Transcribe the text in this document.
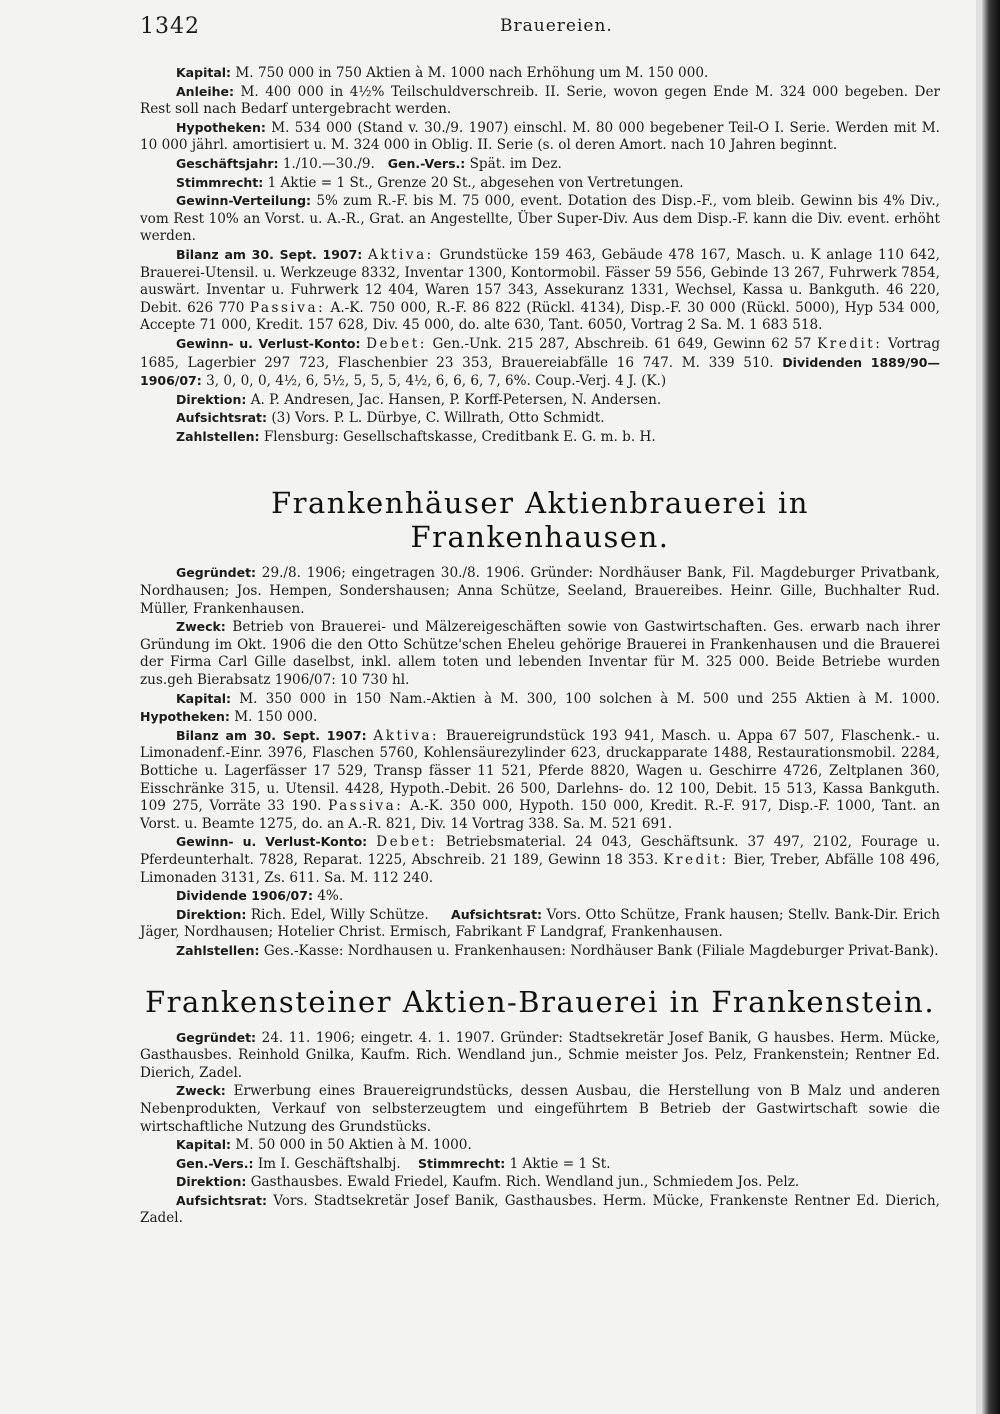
1342	Brauereien.

Kapital: M. 750 000 in 750 Aktien à M. 1000 nach Erhöhung um M. 150 000.

Anleihe: M. 400 000 in 4½% Teilschuldverschreib. II. Serie, wovon gegen Ende M. 324 000 begeben. Der Rest soll nach Bedarf untergebracht werden.

Hypotheken: M. 534 000 (Stand v. 30./9. 1907) einschl. M. 80 000 begebener Teil-O I. Serie. Werden mit M. 10 000 jährl. amortisiert u. M. 324 000 in Oblig. II. Serie (s. ol deren Amort. nach 10 Jahren beginnt.

Geschäftsjahr: 1./10.—30./9. Gen.-Vers.: Spät. im Dez.

Stimmrecht: 1 Aktie = 1 St., Grenze 20 St., abgesehen von Vertretungen.

Gewinn-Verteilung: 5% zum R.-F. bis M. 75 000, event. Dotation des Disp.-F., vom bleib. Gewinn bis 4% Div., vom Rest 10% an Vorst. u. A.-R., Grat. an Angestellte, Über Super-Div. Aus dem Disp.-F. kann die Div. event. erhöht werden.

Bilanz am 30. Sept. 1907: Aktiva: Grundstücke 159 463, Gebäude 478 167, Masch. u. K anlage 110 642, Brauerei-Utensil. u. Werkzeuge 8332, Inventar 1300, Kontormobil. Fässer 59 556, Gebinde 13 267, Fuhrwerk 7854, auswärt. Inventar u. Fuhrwerk 12 404, Waren 157 343, Assekuranz 1331, Wechsel, Kassa u. Bankguth. 46 220, Debit. 626 770 Passiva: A.-K. 750 000, R.-F. 86 822 (Rückl. 4134), Disp.-F. 30 000 (Rückl. 5000), Hyp 534 000, Accepte 71 000, Kredit. 157 628, Div. 45 000, do. alte 630, Tant. 6050, Vortrag 2 Sa. M. 1 683 518.

Gewinn- u. Verlust-Konto: Debet: Gen.-Unk. 215 287, Abschreib. 61 649, Gewinn 62 57 Kredit: Vortrag 1685, Lagerbier 297 723, Flaschenbier 23 353, Brauereiabfälle 16 747. M. 339 510. Dividenden 1889/90—1906/07: 3, 0, 0, 0, 4½, 6, 5½, 5, 5, 5, 4½, 6, 6, 6, 7, 6%. Coup.-Verj. 4 J. (K.)

Direktion: A. P. Andresen, Jac. Hansen, P. Korff-Petersen, N. Andersen.

Aufsichtsrat: (3) Vors. P. L. Dürbye, C. Willrath, Otto Schmidt.

Zahlstellen: Flensburg: Gesellschaftskasse, Creditbank E. G. m. b. H.

Frankenhäuser Aktienbrauerei in Frankenhausen.

Gegründet: 29./8. 1906; eingetragen 30./8. 1906. Gründer: Nordhäuser Bank, Fil. Magdeburger Privatbank, Nordhausen; Jos. Hempen, Sondershausen; Anna Schütze, Seeland, Brauereibes. Heinr. Gille, Buchhalter Rud. Müller, Frankenhausen.

Zweck: Betrieb von Brauerei- und Mälzereigeschäften sowie von Gastwirtschaften. Ges. erwarb nach ihrer Gründung im Okt. 1906 die den Otto Schütze'schen Eheleu gehörige Brauerei in Frankenhausen und die Brauerei der Firma Carl Gille daselbst, inkl. allem toten und lebenden Inventar für M. 325 000. Beide Betriebe wurden zus.geh Bierabsatz 1906/07: 10 730 hl.

Kapital: M. 350 000 in 150 Nam.-Aktien à M. 300, 100 solchen à M. 500 und 255 Aktien à M. 1000. Hypotheken: M. 150 000.

Bilanz am 30. Sept. 1907: Aktiva: Brauereigrundstück 193 941, Masch. u. Appa 67 507, Flaschenk.- u. Limonadenf.-Einr. 3976, Flaschen 5760, Kohlensäurezylinder 623, druckapparate 1488, Restaurationsmobil. 2284, Bottiche u. Lagerfässer 17 529, Transp fässer 11 521, Pferde 8820, Wagen u. Geschirre 4726, Zeltplanen 360, Eisschränke 315, u. Utensil. 4428, Hypoth.-Debit. 26 500, Darlehns- do. 12 100, Debit. 15 513, Kassa Bankguth. 109 275, Vorräte 33 190. Passiva: A.-K. 350 000, Hypoth. 150 000, Kredit. R.-F. 917, Disp.-F. 1000, Tant. an Vorst. u. Beamte 1275, do. an A.-R. 821, Div. 14 Vortrag 338. Sa. M. 521 691.

Gewinn- u. Verlust-Konto: Debet: Betriebsmaterial. 24 043, Geschäftsunk. 37 497, 2102, Fourage u. Pferdeunterhalt. 7828, Reparat. 1225, Abschreib. 21 189, Gewinn 18 353. Kredit: Bier, Treber, Abfälle 108 496, Limonaden 3131, Zs. 611. Sa. M. 112 240.

Dividende 1906/07: 4%.

Direktion: Rich. Edel, Willy Schütze. Aufsichtsrat: Vors. Otto Schütze, Frank hausen; Stellv. Bank-Dir. Erich Jäger, Nordhausen; Hotelier Christ. Ermisch, Fabrikant F Landgraf, Frankenhausen.

Zahlstellen: Ges.-Kasse: Nordhausen u. Frankenhausen: Nordhäuser Bank (Filiale Magdeburger Privat-Bank).

Frankensteiner Aktien-Brauerei in Frankenstein.

Gegründet: 24. 11. 1906; eingetr. 4. 1. 1907. Gründer: Stadtsekretär Josef Banik, G hausbes. Herm. Mücke, Gasthausbes. Reinhold Gnilka, Kaufm. Rich. Wendland jun., Schmie meister Jos. Pelz, Frankenstein; Rentner Ed. Dierich, Zadel.

Zweck: Erwerbung eines Brauereigrundstücks, dessen Ausbau, die Herstellung von B Malz und anderen Nebenprodukten, Verkauf von selbsterzeugtem und eingeführtem B Betrieb der Gastwirtschaft sowie die wirtschaftliche Nutzung des Grundstücks.

Kapital: M. 50 000 in 50 Aktien à M. 1000.

Gen.-Vers.: Im I. Geschäftshalbj. Stimmrecht: 1 Aktie = 1 St.

Direktion: Gasthausbes. Ewald Friedel, Kaufm. Rich. Wendland jun., Schmiedem Jos. Pelz.

Aufsichtsrat: Vors. Stadtsekretär Josef Banik, Gasthausbes. Herm. Mücke, Frankenste Rentner Ed. Dierich, Zadel.
